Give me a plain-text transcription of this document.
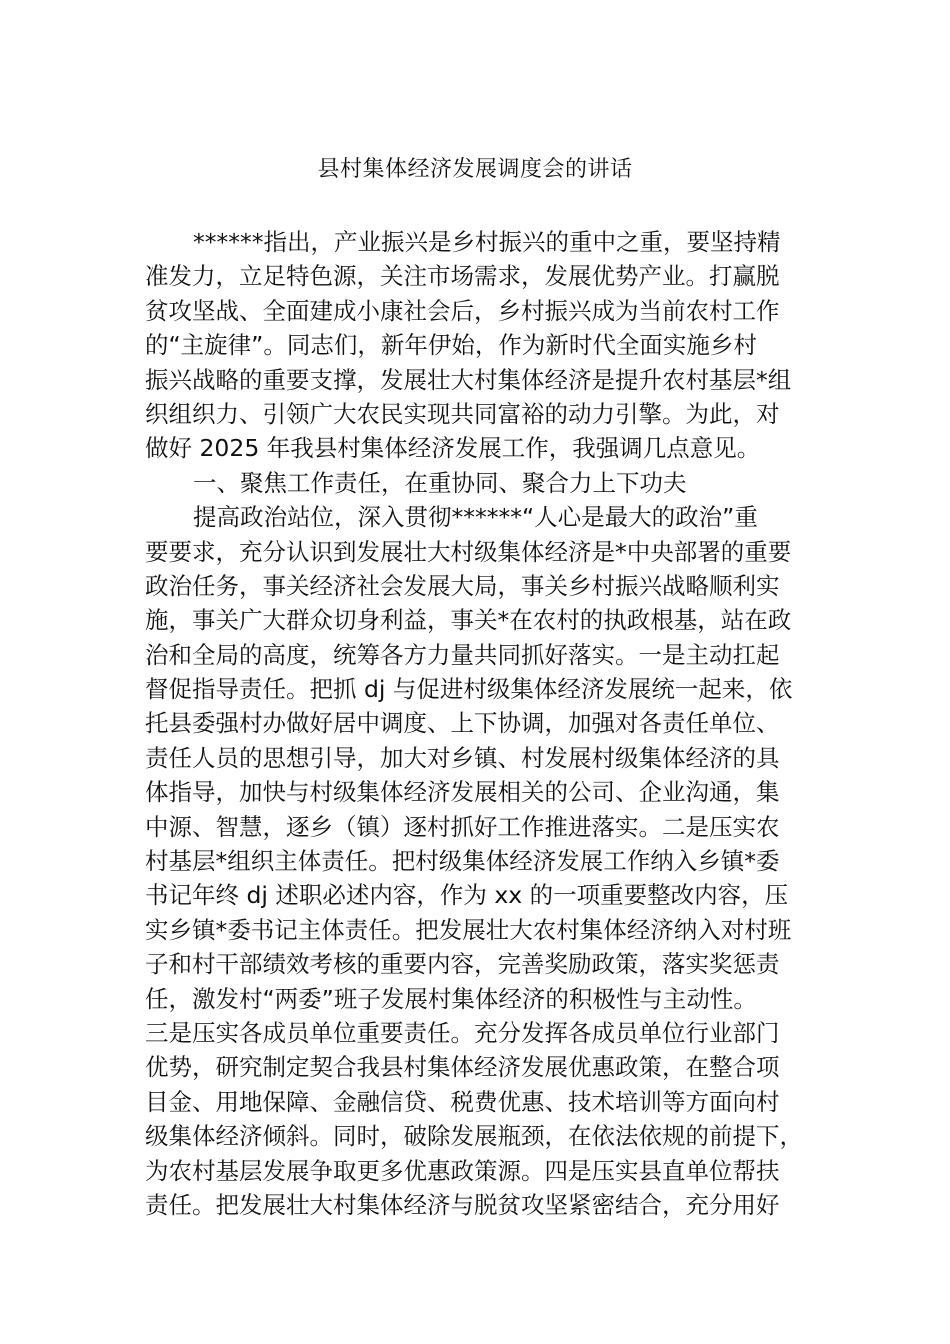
县村集体经济发展调度会的讲话
******指出，产业振兴是乡村振兴的重中之重，要坚持精
准发力，立足特色源，关注市场需求，发展优势产业。打赢脱
贫攻坚战、全面建成小康社会后，乡村振兴成为当前农村工作
的“主旋律”。同志们，新年伊始，作为新时代全面实施乡村
振兴战略的重要支撑，发展壮大村集体经济是提升农村基层*组
织组织力、引领广大农民实现共同富裕的动力引擎。为此，对
做好 2025 年我县村集体经济发展工作，我强调几点意见。
一、聚焦工作责任，在重协同、聚合力上下功夫
提高政治站位，深入贯彻******“人心是最大的政治”重
要要求，充分认识到发展壮大村级集体经济是*中央部署的重要
政治任务，事关经济社会发展大局，事关乡村振兴战略顺利实
施，事关广大群众切身利益，事关*在农村的执政根基，站在政
治和全局的高度，统筹各方力量共同抓好落实。一是主动扛起
督促指导责任。把抓 dj 与促进村级集体经济发展统一起来，依
托县委强村办做好居中调度、上下协调，加强对各责任单位、
责任人员的思想引导，加大对乡镇、村发展村级集体经济的具
体指导，加快与村级集体经济发展相关的公司、企业沟通，集
中源、智慧，逐乡（镇）逐村抓好工作推进落实。二是压实农
村基层*组织主体责任。把村级集体经济发展工作纳入乡镇*委
书记年终 dj 述职必述内容，作为 xx 的一项重要整改内容，压
实乡镇*委书记主体责任。把发展壮大农村集体经济纳入对村班
子和村干部绩效考核的重要内容，完善奖励政策，落实奖惩责
任，激发村“两委”班子发展村集体经济的积极性与主动性。
三是压实各成员单位重要责任。充分发挥各成员单位行业部门
优势，研究制定契合我县村集体经济发展优惠政策，在整合项
目金、用地保障、金融信贷、税费优惠、技术培训等方面向村
级集体经济倾斜。同时，破除发展瓶颈，在依法依规的前提下，
为农村基层发展争取更多优惠政策源。四是压实县直单位帮扶
责任。把发展壮大村集体经济与脱贫攻坚紧密结合，充分用好
